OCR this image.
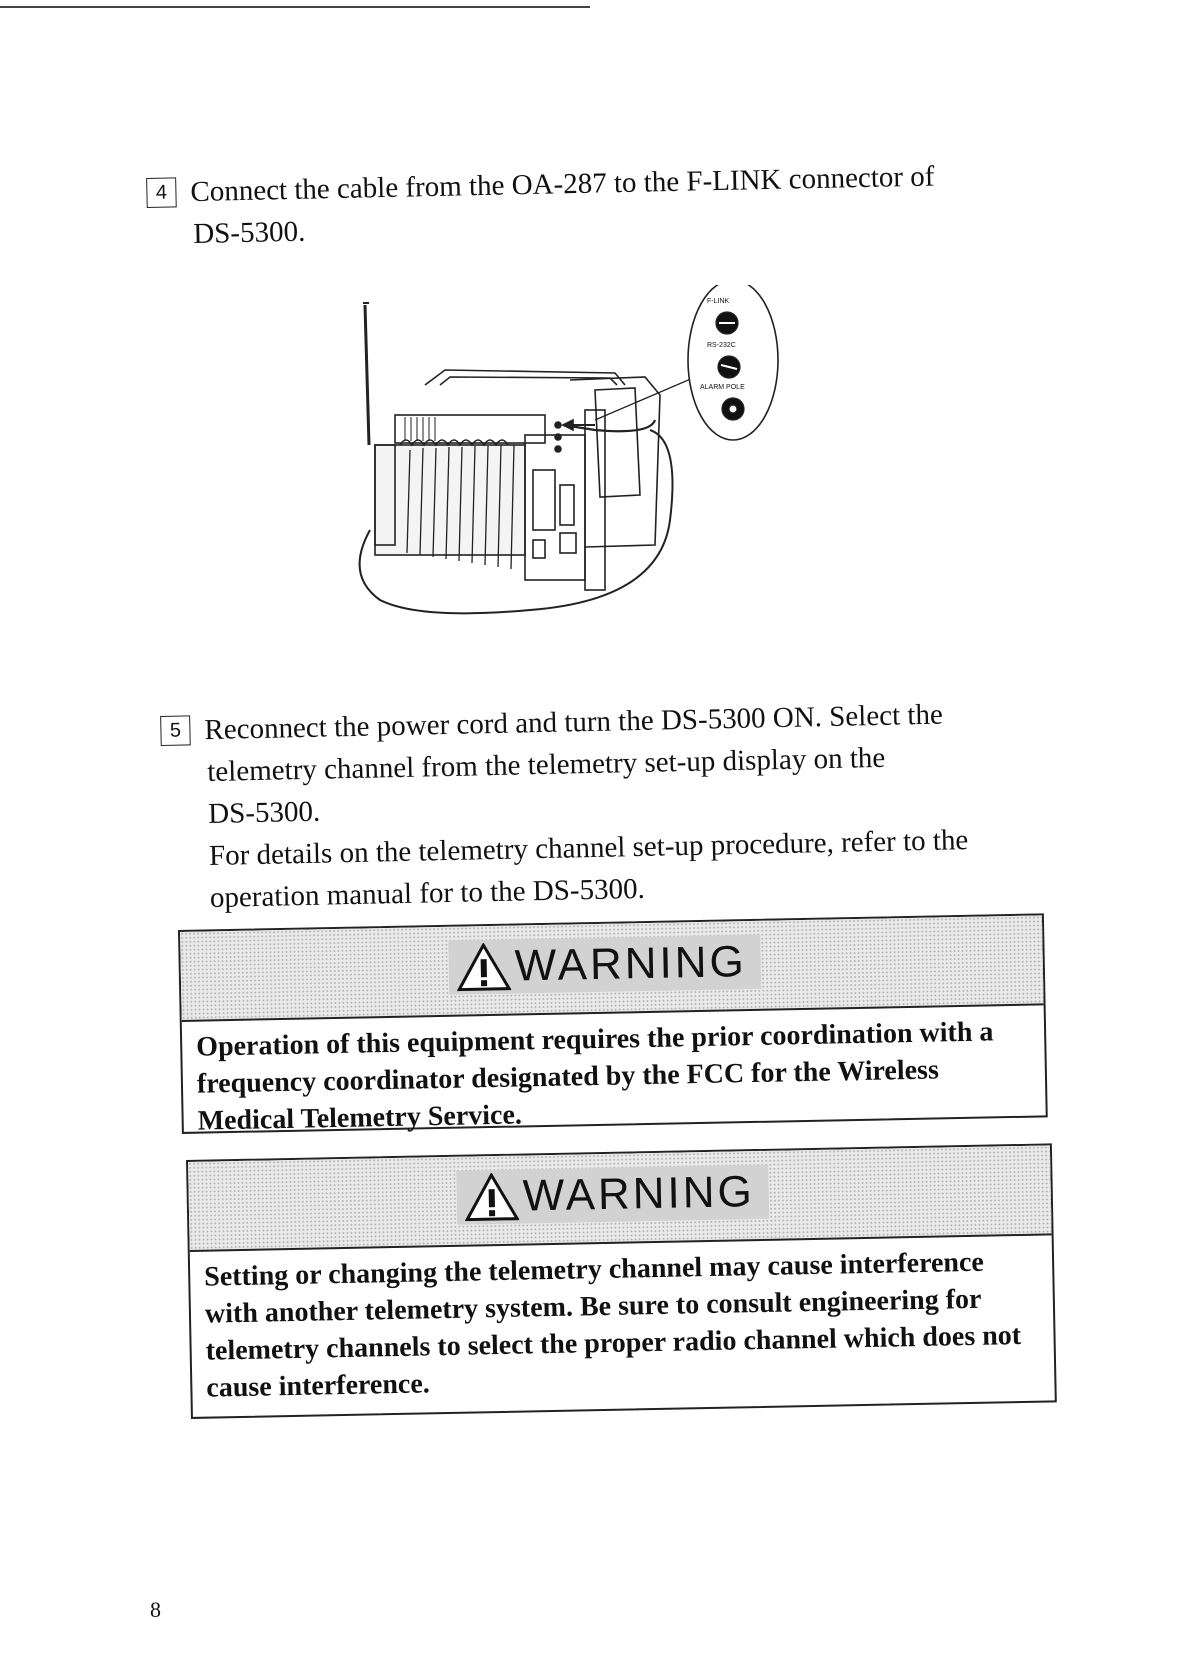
4 Connect the cable from the OA-287 to the F-LINK connector of
DS-5300.
F-LINK
RS-232C
ALARM POLE
5 Reconnect the power cord and turn the DS-5300 ON. Select the
telemetry channel from the telemetry set-up display on the
DS-5300.
For details on the telemetry channel set-up procedure, refer to the
operation manual for to the DS-5300.
WARNING
Operation of this equipment requires the prior coordination with a frequency coordinator designated by the FCC for the Wireless Medical Telemetry Service.
WARNING
Setting or changing the telemetry channel may cause interference with another telemetry system. Be sure to consult engineering for telemetry channels to select the proper radio channel which does not cause interference.
8
